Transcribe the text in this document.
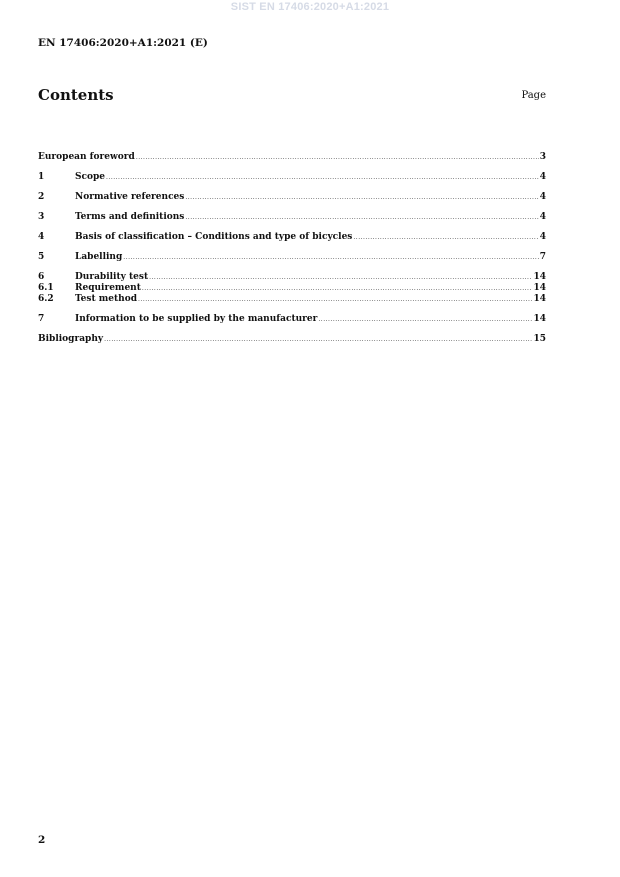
SIST EN 17406:2020+A1:2021
EN 17406:2020+A1:2021 (E)
Contents	Page
European foreword .....	3
1	Scope .....	4
2	Normative references .....	4
3	Terms and definitions .....	4
4	Basis of classification – Conditions and type of bicycles .....	4
5	Labelling .....	7
6	Durability test .....	14
6.1	Requirement .....	14
6.2	Test method .....	14
7	Information to be supplied by the manufacturer .....	14
Bibliography .....	15
2
